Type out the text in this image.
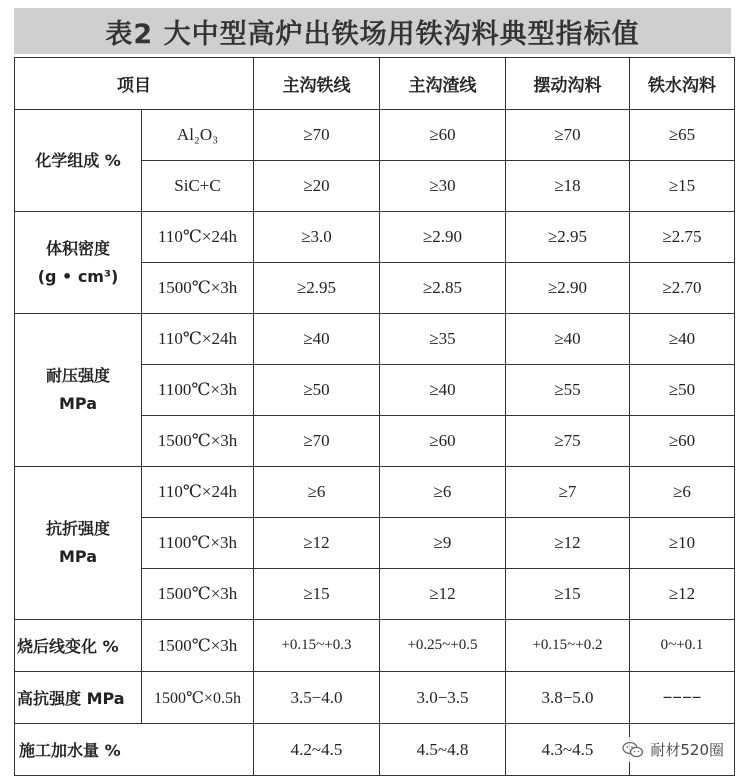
表2 大中型高炉出铁场用铁沟料典型指标值
项目		主沟铁线	主沟渣线	摆动沟料	铁水沟料
化学组成 %	Al₂O₃	≥70	≥60	≥70	≥65
	SiC+C	≥20	≥30	≥18	≥15

体积密度
(g • cm³)	110℃×24h	≥3.0	≥2.90	≥2.95	≥2.75
	1500℃×3h	≥2.95	≥2.85	≥2.90	≥2.70

耐压强度
MPa	110℃×24h	≥40	≥35	≥40	≥40
	1100℃×3h	≥50	≥40	≥55	≥50
	1500℃×3h	≥70	≥60	≥75	≥60

抗折强度
MPa	110℃×24h	≥6	≥6	≥7	≥6
	1100℃×3h	≥12	≥9	≥12	≥10
	1500℃×3h	≥15	≥12	≥15	≥12
烧后线变化 %	1500℃×3h	+0.15~+0.3	+0.25~+0.5	+0.15~+0.2	0~+0.1
高抗强度 MPa	1500℃×0.5h	3.5−4.0	3.0−3.5	3.8−5.0	−−−−
施工加水量 %		4.2~4.5	4.5~4.8	4.3~4.5		耐材520圈
